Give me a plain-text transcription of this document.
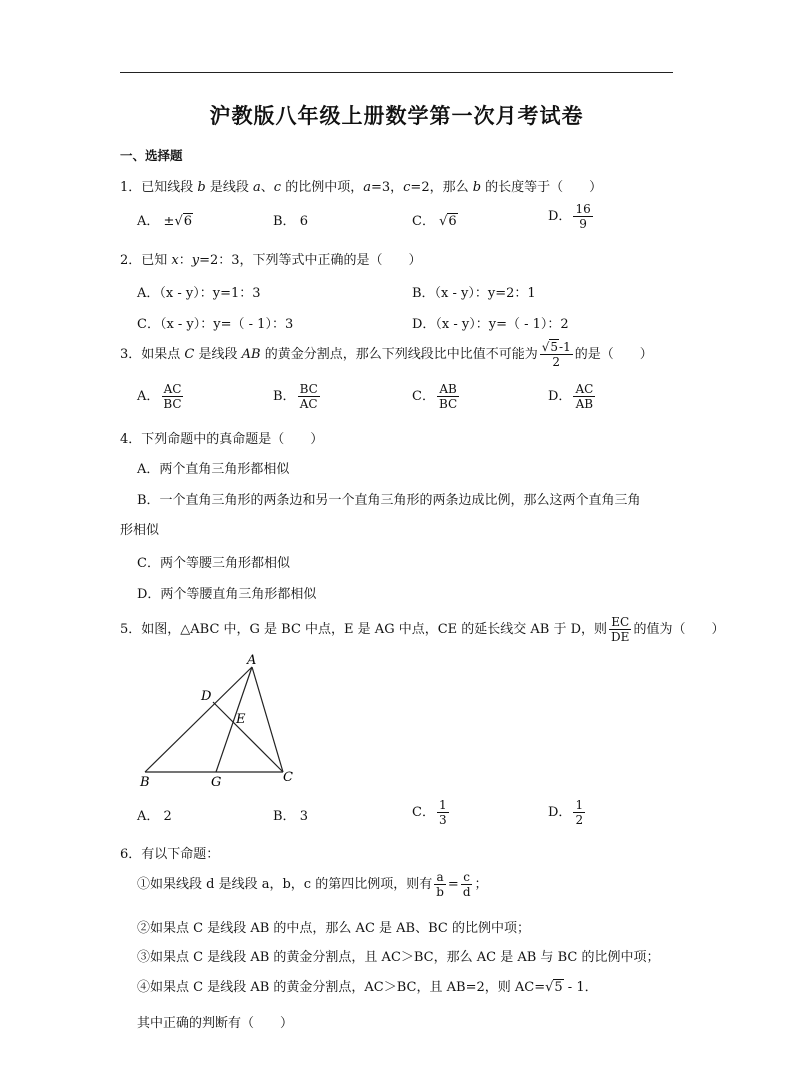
沪教版八年级上册数学第一次月考试卷
一、选择题
1．已知线段 b 是线段 a、c 的比例中项，a=3，c=2，那么 b 的长度等于（　　）
A． ±√6	B． 6	C． √6	D． $\frac{16}{9}$
2．已知 x：y=2：3，下列等式中正确的是（　　）
A．（x - y）：y=1：3	B．（x - y）：y=2：1
C．（x - y）：y=（ - 1）：3	D．（x - y）：y=（ - 1）：2
3．如果点 C 是线段 AB 的黄金分割点，那么下列线段比中比值不可能为 $\frac{√5-1}{2}$ 的是（　　）
A． $\frac{AC}{BC}$	B． $\frac{BC}{AC}$	C． $\frac{AB}{BC}$	D． $\frac{AC}{AB}$
4．下列命题中的真命题是（　　）
A．两个直角三角形都相似
B．一个直角三角形的两条边和另一个直角三角形的两条边成比例，那么这两个直角三角
形相似
C．两个等腰三角形都相似
D．两个等腰直角三角形都相似
5．如图，△ABC 中，G 是 BC 中点，E 是 AG 中点，CE 的延长线交 AB 于 D，则 $\frac{EC}{DE}$ 的值为（　　）
A
B	C
D
E
G
A． 2	B． 3	C． $\frac{1}{3}$	D． $\frac{1}{2}$
6．有以下命题：
①如果线段 d 是线段 a，b，c 的第四比例项，则有 $\frac{a}{b} = \frac{c}{d}$ ；
②如果点 C 是线段 AB 的中点，那么 AC 是 AB、BC 的比例中项；
③如果点 C 是线段 AB 的黄金分割点，且 AC＞BC，那么 AC 是 AB 与 BC 的比例中项；
④如果点 C 是线段 AB 的黄金分割点，AC＞BC，且 AB=2，则 AC=√5 - 1．
其中正确的判断有（　　）
